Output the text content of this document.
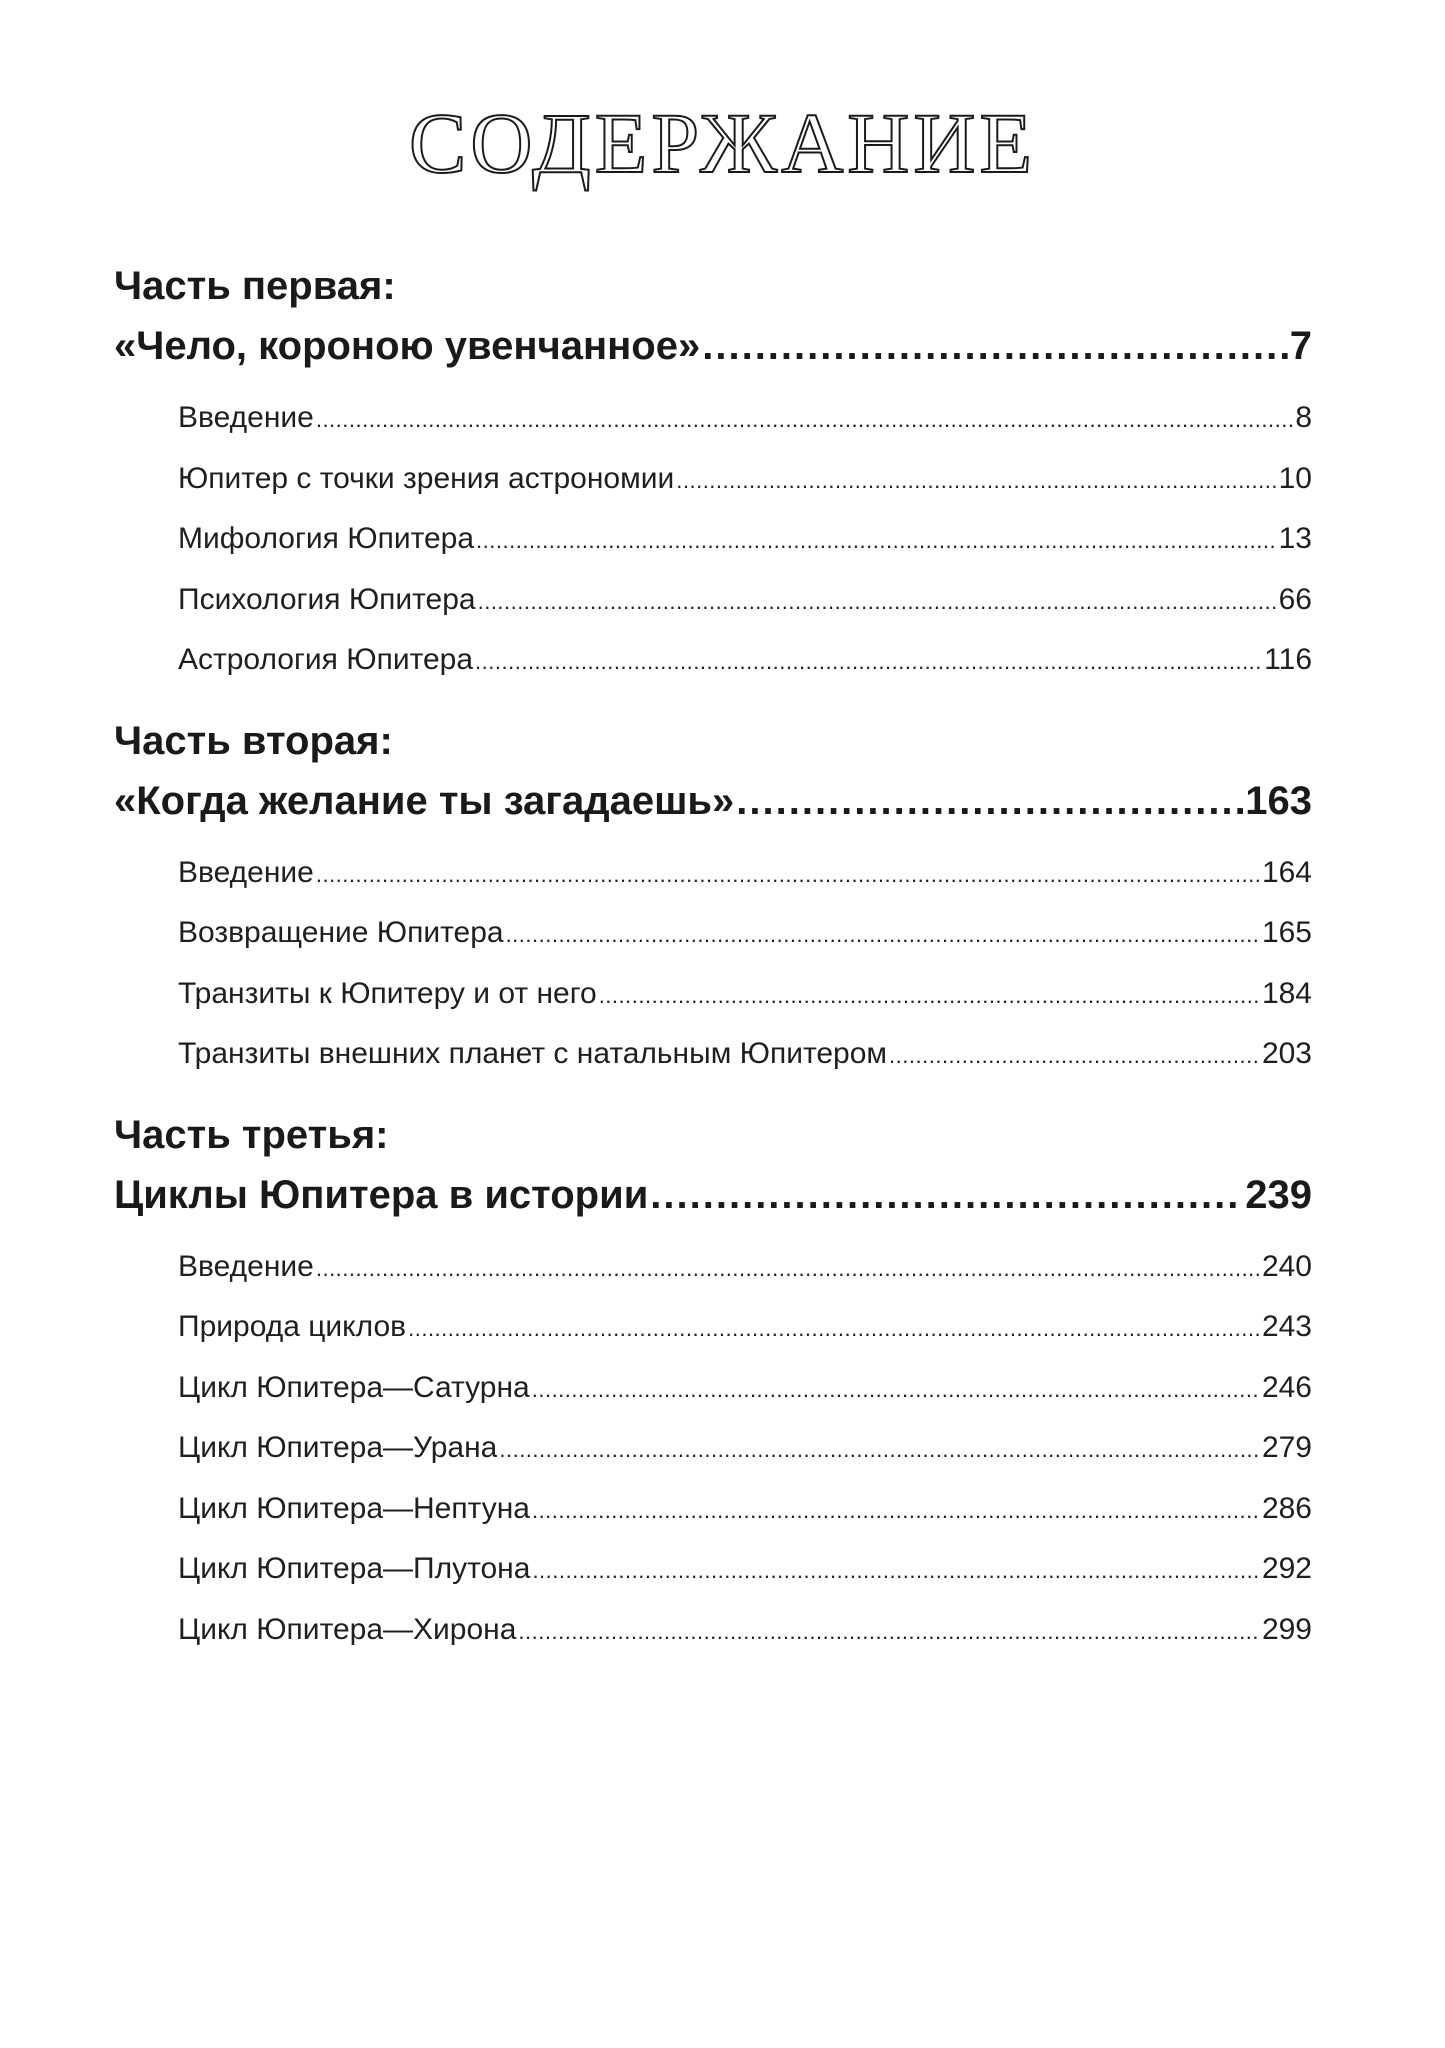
СОДЕРЖАНИЕ
Часть первая:
«Чело, короною увенчанное» .....	7
Введение .....	8
Юпитер с точки зрения астрономии .....	10
Мифология Юпитера .....	13
Психология Юпитера .....	66
Астрология Юпитера .....	116
Часть вторая:
«Когда желание ты загадаешь» .....	163
Введение .....	164
Возвращение Юпитера .....	165
Транзиты к Юпитеру и от него .....	184
Транзиты внешних планет с натальным Юпитером .....	203
Часть третья:
Циклы Юпитера в истории .....	239
Введение .....	240
Природа циклов .....	243
Цикл Юпитера—Сатурна .....	246
Цикл Юпитера—Урана .....	279
Цикл Юпитера—Нептуна .....	286
Цикл Юпитера—Плутона .....	292
Цикл Юпитера—Хирона .....	299
